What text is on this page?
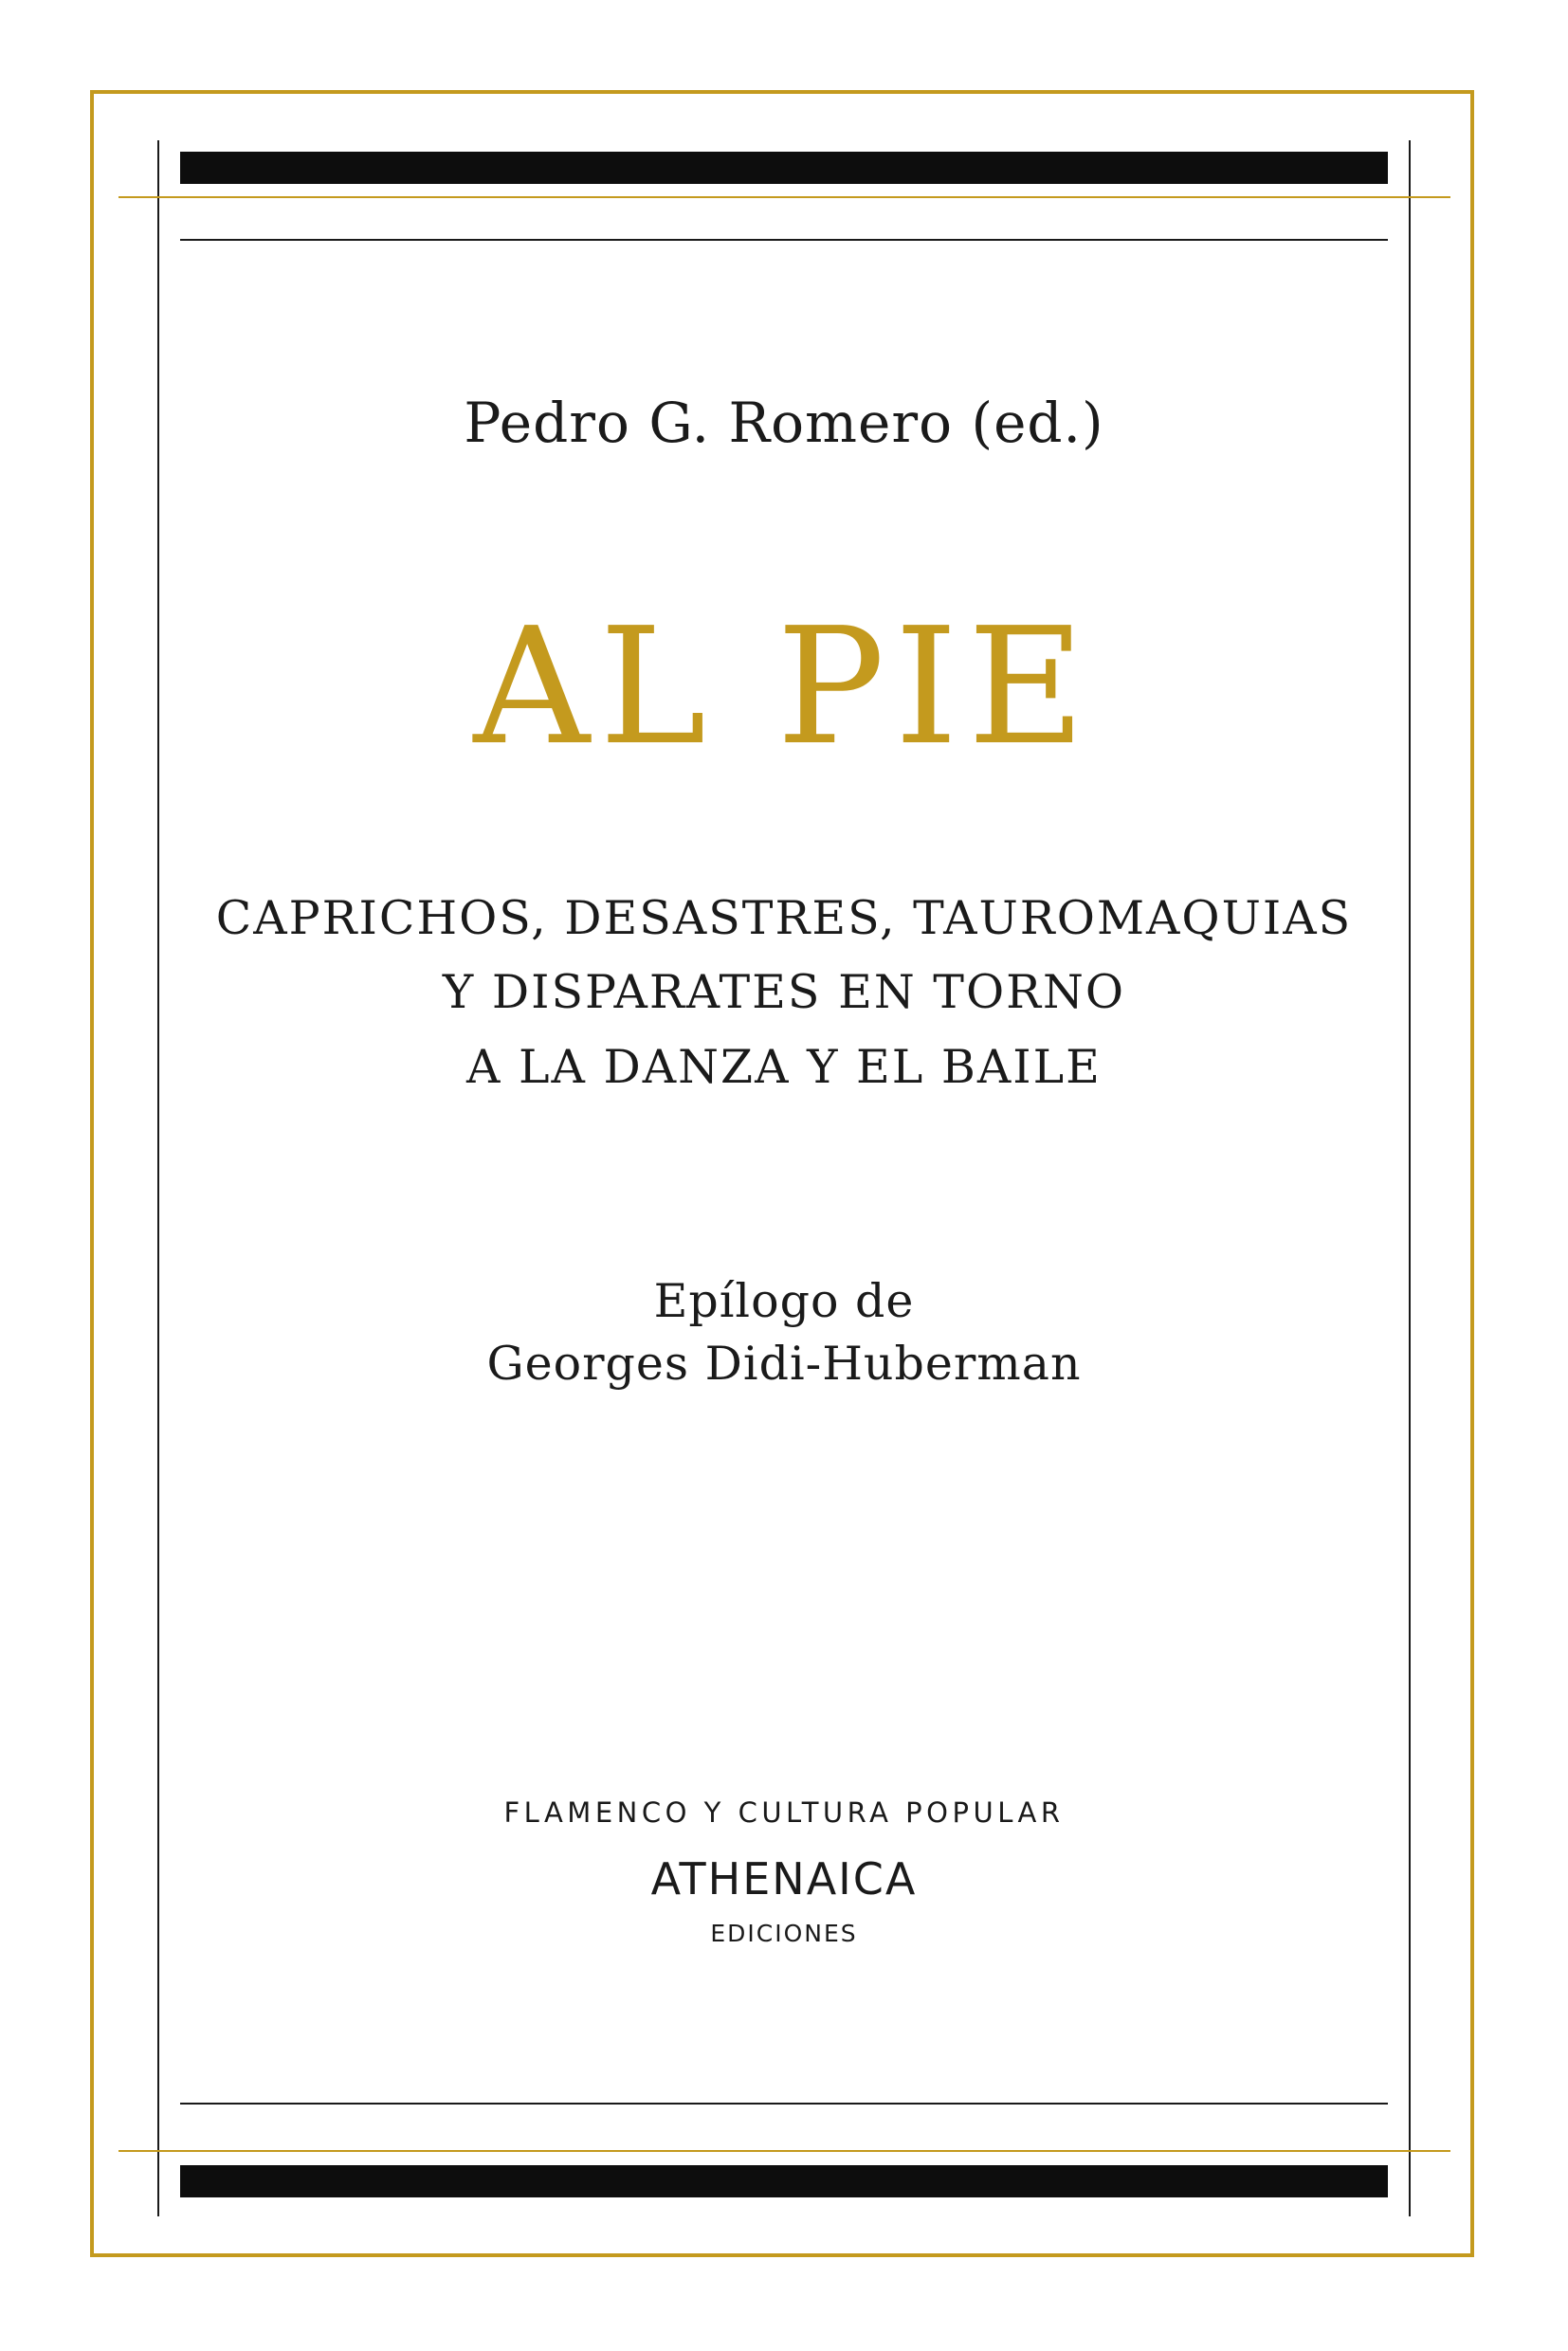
Pedro G. Romero (ed.)
AL PIE
CAPRICHOS, DESASTRES, TAUROMAQUIAS
Y DISPARATES EN TORNO
A LA DANZA Y EL BAILE
Epílogo de
Georges Didi-Huberman
FLAMENCO Y CULTURA POPULAR
ATHENAICA
EDICIONES
